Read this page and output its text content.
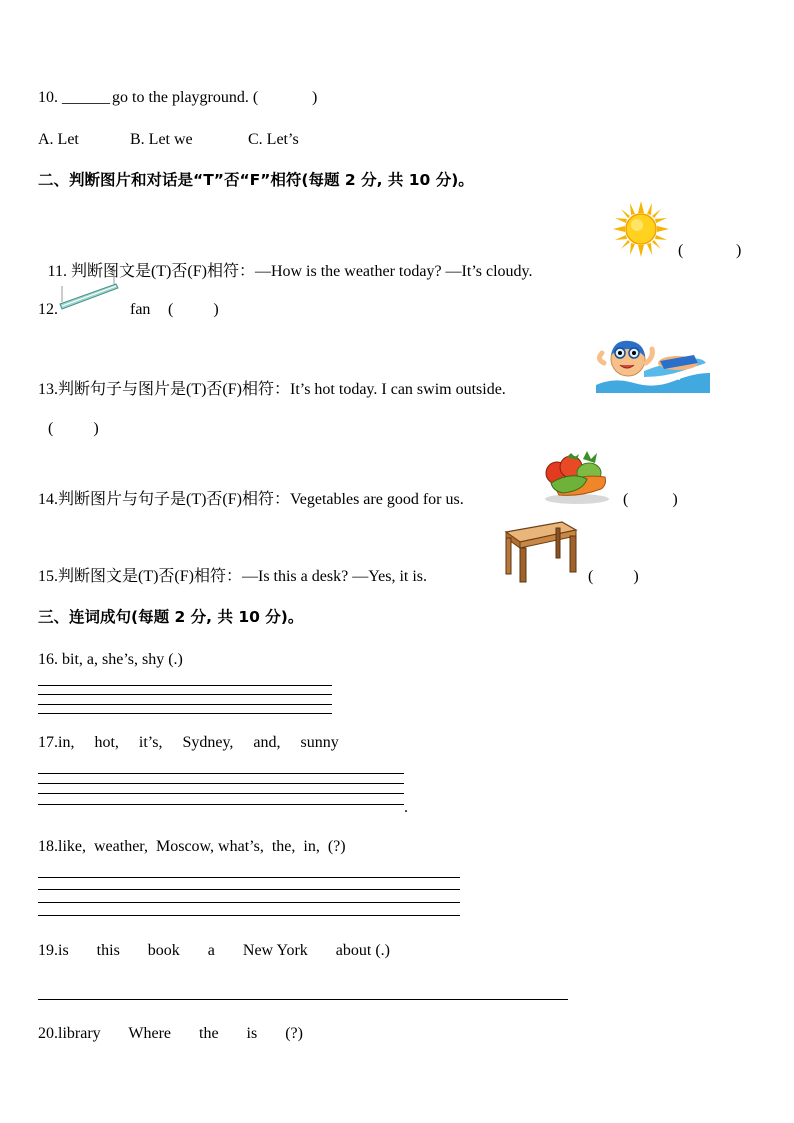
10. ______ go to the playground. (	)
A. Let	B. Let we	C. Let’s
二、判断图片和对话是“T”否“F”相符(每题 2 分, 共 10 分)。

11. 判断图文是(T)否(F)相符：—How is the weather today? —It’s cloudy.

(	)
12.	fan (          )
13.判断句子与图片是(T)否(F)相符：It’s hot today. I can swim outside.
(          )
14.判断图片与句子是(T)否(F)相符：Vegetables are good for us.	(           )
15.判断图文是(T)否(F)相符：—Is this a desk? —Yes, it is.	(          )
三、连词成句(每题 2 分, 共 10 分)。
16. bit, a, she’s, shy (.)
17.in,     hot,     it’s,     Sydney,     and,     sunny
.
18.like,  weather,  Moscow, what’s,  the,  in,  (?)
19.is       this       book       a       New York       about (.)
20.library       Where       the       is       (?)
